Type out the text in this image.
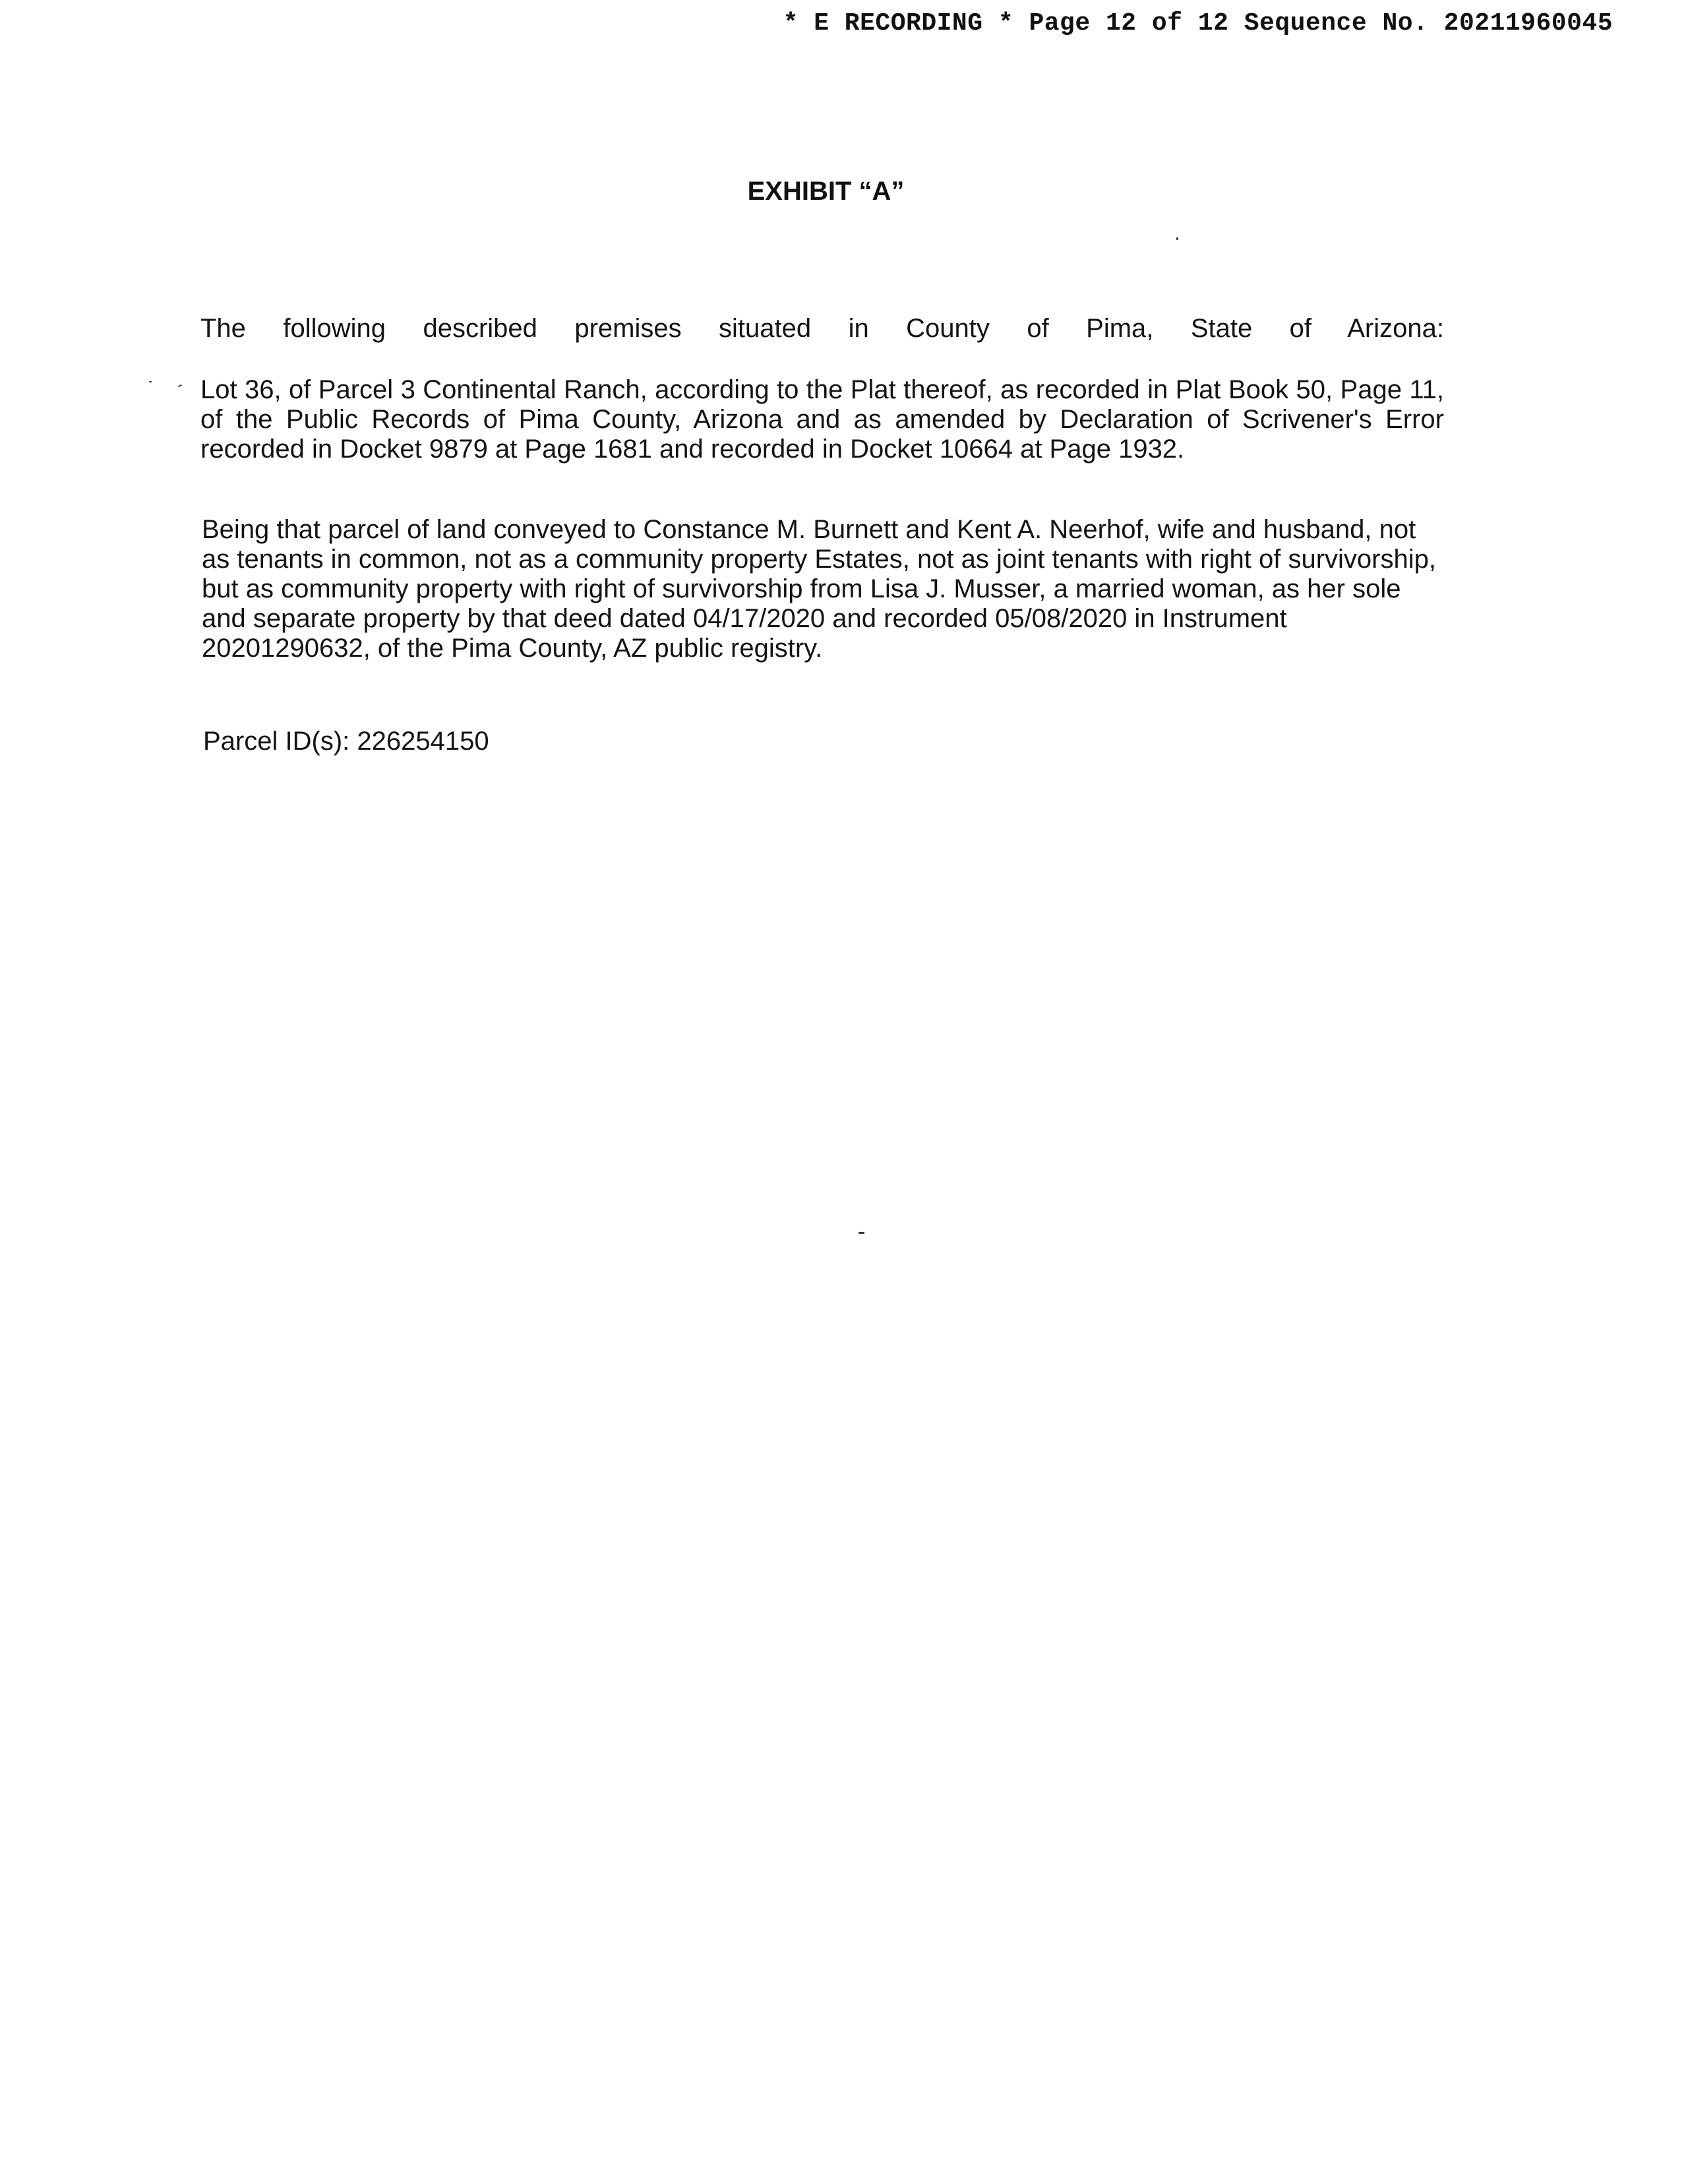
* E RECORDING * Page 12 of 12 Sequence No. 20211960045
EXHIBIT “A”
The following described premises situated in County of Pima, State of Arizona:
Lot 36, of Parcel 3 Continental Ranch, according to the Plat thereof, as recorded in Plat Book 50, Page 11, of the Public Records of Pima County, Arizona and as amended by Declaration of Scrivener's Error recorded in Docket 9879 at Page 1681 and recorded in Docket 10664 at Page 1932.
Being that parcel of land conveyed to Constance M. Burnett and Kent A. Neerhof, wife and husband, not as tenants in common, not as a community property Estates, not as joint tenants with right of survivorship, but as community property with right of survivorship from Lisa J. Musser, a married woman, as her sole and separate property by that deed dated 04/17/2020 and recorded 05/08/2020 in Instrument 20201290632, of the Pima County, AZ public registry.
Parcel ID(s): 226254150
